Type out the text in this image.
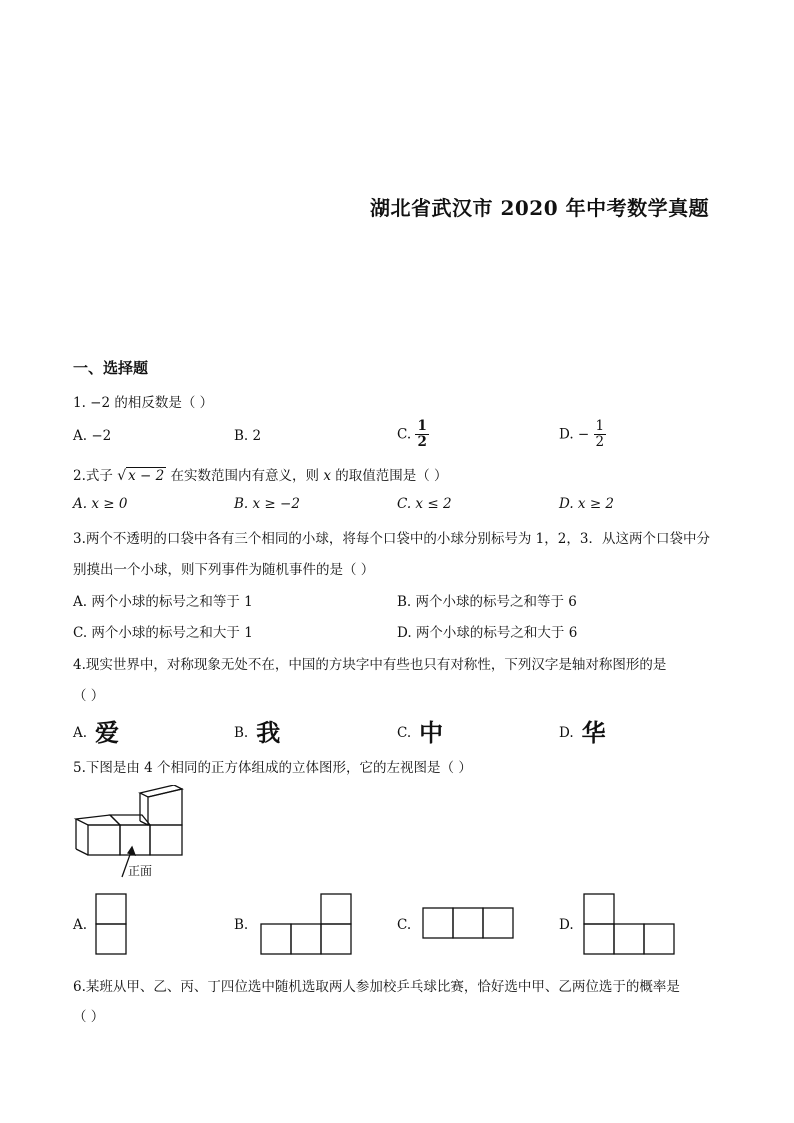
湖北省武汉市 2020 年中考数学真题
一、选择题
1. −2 的相反数是（ ）
A. −2	B. 2	C. $\frac{1}{2}$	D. − $\frac{1}{2}$
2.式子 √ x − 2 在实数范围内有意义，则 x 的取值范围是（ ）
A. x ≥ 0	B. x ≥ −2	C. x ≤ 2	D. x ≥ 2
3.两个不透明的口袋中各有三个相同的小球，将每个口袋中的小球分别标号为 1，2，3．从这两个口袋中分
别摸出一个小球，则下列事件为随机事件的是（ ）
A. 两个小球的标号之和等于 1	B. 两个小球的标号之和等于 6
C. 两个小球的标号之和大于 1	D. 两个小球的标号之和大于 6
4.现实世界中，对称现象无处不在，中国的方块字中有些也只有对称性，下列汉字是轴对称图形的是
（ ）
A. 爱	B. 我	C. 中	D. 华
5.下图是由 4 个相同的正方体组成的立体图形，它的左视图是（ ）
正面
A.	B.	C.	D.
6.某班从甲、乙、丙、丁四位选中随机选取两人参加校乒乓球比赛，恰好选中甲、乙两位选于的概率是
（ ）
